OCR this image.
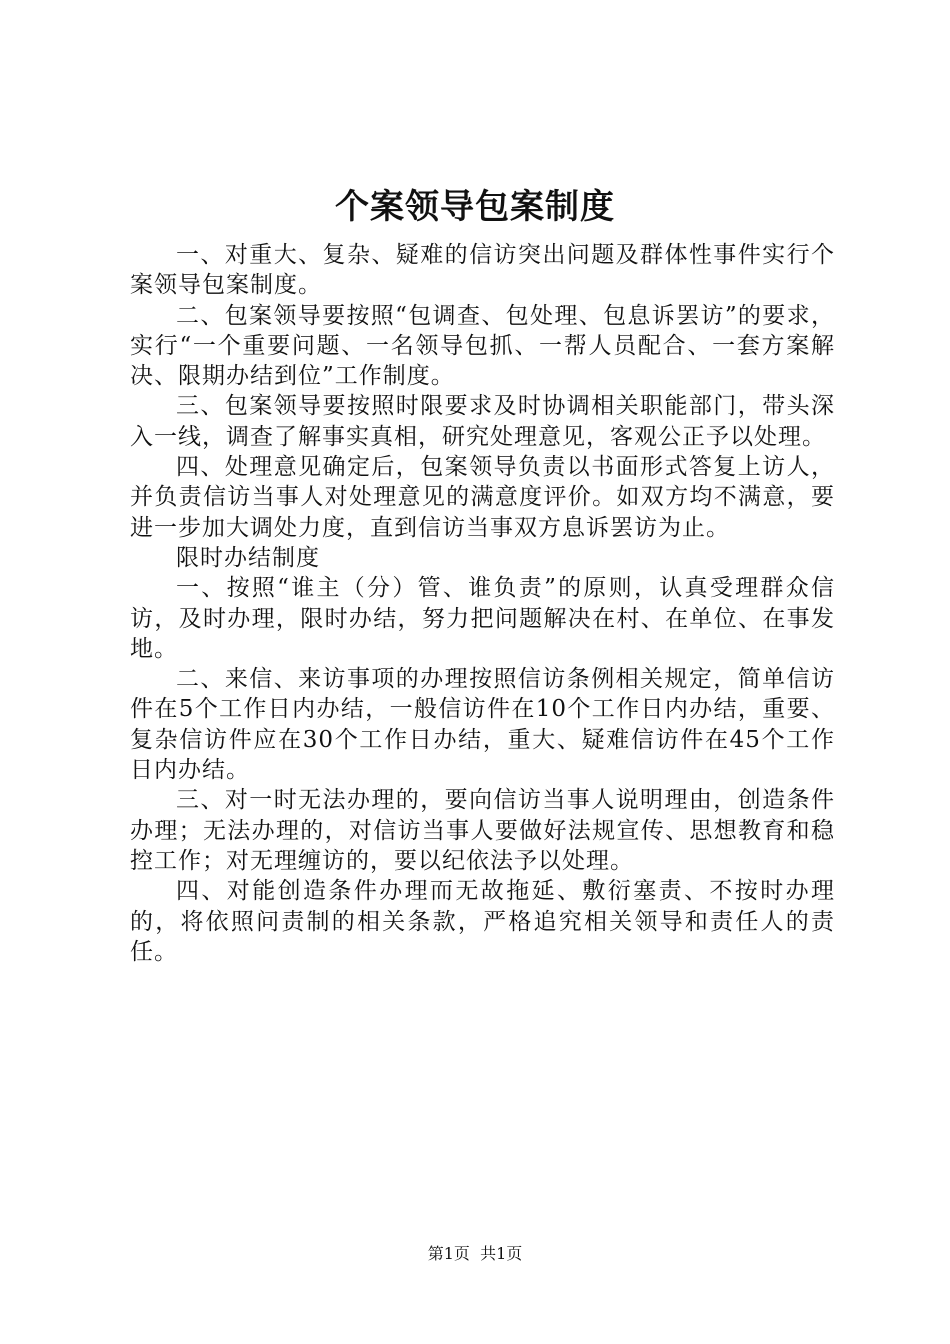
个案领导包案制度

一、对重大、复杂、疑难的信访突出问题及群体性事件实行个案领导包案制度。

二、包案领导要按照“包调查、包处理、包息诉罢访”的要求，实行“一个重要问题、一名领导包抓、一帮人员配合、一套方案解决、限期办结到位”工作制度。

三、包案领导要按照时限要求及时协调相关职能部门，带头深入一线，调查了解事实真相，研究处理意见，客观公正予以处理。

四、处理意见确定后，包案领导负责以书面形式答复上访人，并负责信访当事人对处理意见的满意度评价。如双方均不满意，要进一步加大调处力度，直到信访当事双方息诉罢访为止。

限时办结制度

一、按照“谁主（分）管、谁负责”的原则，认真受理群众信访，及时办理，限时办结，努力把问题解决在村、在单位、在事发地。

二、来信、来访事项的办理按照信访条例相关规定，简单信访件在5个工作日内办结，一般信访件在10个工作日内办结，重要、复杂信访件应在30个工作日办结，重大、疑难信访件在45个工作日内办结。

三、对一时无法办理的，要向信访当事人说明理由，创造条件办理；无法办理的，对信访当事人要做好法规宣传、思想教育和稳控工作；对无理缠访的，要以纪依法予以处理。

四、对能创造条件办理而无故拖延、敷衍塞责、不按时办理的，将依照问责制的相关条款，严格追究相关领导和责任人的责任。

第1页  共1页
